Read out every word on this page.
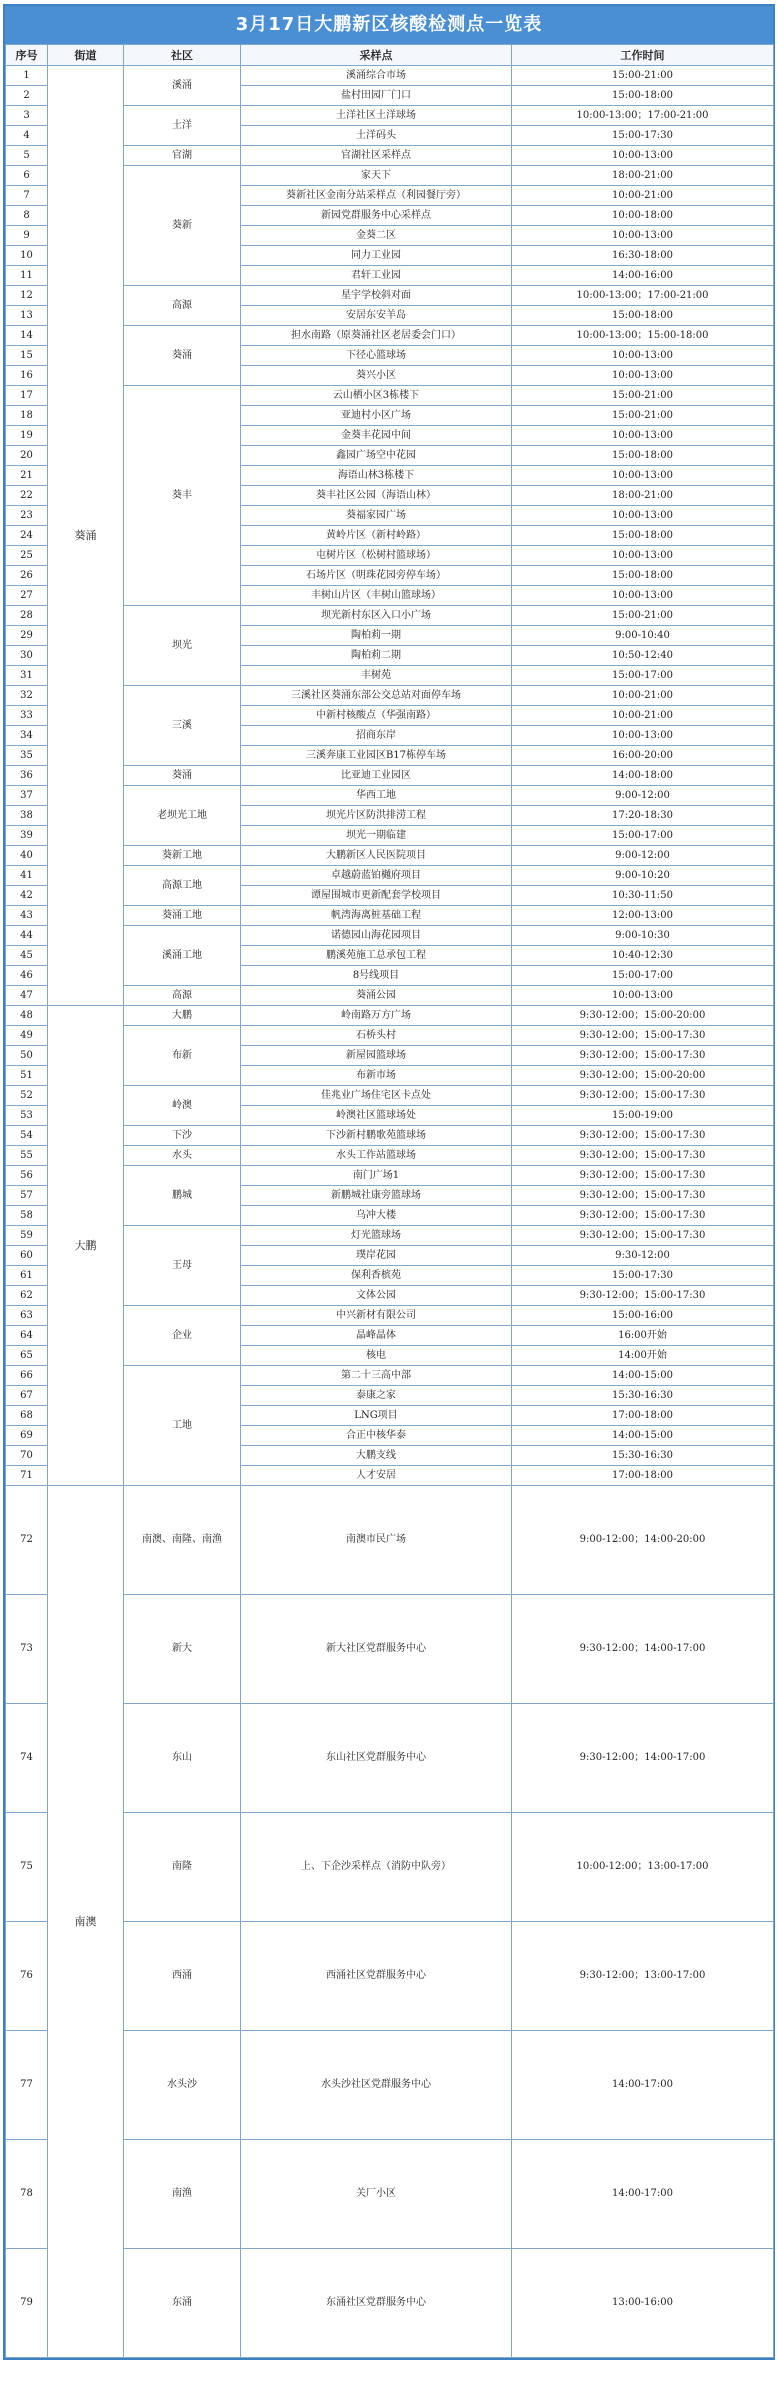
3月17日大鹏新区核酸检测点一览表
序号	街道	社区	采样点	工作时间
1	葵涌	溪涌	溪涌综合市场	15:00-21:00
2			盐村田园厂门口	15:00-18:00
3		土洋	土洋社区土洋球场	10:00-13:00；17:00-21:00
4			土洋码头	15:00-17:30
5		官湖	官湖社区采样点	10:00-13:00
6		葵新	家天下	18:00-21:00
7			葵新社区金南分站采样点（利园餐厅旁）	10:00-21:00
8			新园党群服务中心采样点	10:00-18:00
9			金葵二区	10:00-13:00
10			同力工业园	16:30-18:00
11			君轩工业园	14:00-16:00
12		高源	星宇学校斜对面	10:00-13:00；17:00-21:00
13			安居东安羊岛	15:00-18:00
14		葵涌	担水南路（原葵涌社区老居委会门口）	10:00-13:00；15:00-18:00
15			下径心篮球场	10:00-13:00
16			葵兴小区	10:00-13:00
17		葵丰	云山栖小区3栋楼下	15:00-21:00
18			亚迪村小区广场	15:00-21:00
19			金葵丰花园中间	10:00-13:00
20			鑫园广场空中花园	15:00-18:00
21			海语山林3栋楼下	10:00-13:00
22			葵丰社区公园（海语山林）	18:00-21:00
23			葵福家园广场	10:00-13:00
24			黄岭片区（新村岭路）	15:00-18:00
25			屯树片区（松树村篮球场）	10:00-13:00
26			石场片区（明珠花园旁停车场）	15:00-18:00
27			丰树山片区（丰树山篮球场）	10:00-13:00
28		坝光	坝光新村东区入口小广场	15:00-21:00
29			陶柏莉一期	9:00-10:40
30			陶柏莉二期	10:50-12:40
31			丰树苑	15:00-17:00
32		三溪	三溪社区葵涌东部公交总站对面停车场	10:00-21:00
33			中新村核酸点（华强南路）	10:00-21:00
34			招商东岸	10:00-13:00
35			三溪奔康工业园区B17栋停车场	16:00-20:00
36		葵涌	比亚迪工业园区	14:00-18:00
37		老坝光工地	华西工地	9:00-12:00
38			坝光片区防洪排涝工程	17:20-18:30
39			坝光一期临建	15:00-17:00
40		葵新工地	大鹏新区人民医院项目	9:00-12:00
41		高源工地	卓越蔚蓝铂樾府项目	9:00-10:20
42			谭屋围城市更新配套学校项目	10:30-11:50
43		葵涌工地	帆湾海离桩基础工程	12:00-13:00
44		溪涌工地	诺德园山海花园项目	9:00-10:30
45			鹏溪苑施工总承包工程	10:40-12:30
46			8号线项目	15:00-17:00
47		高源	葵涌公园	10:00-13:00
48	大鹏	大鹏	岭南路万方广场	9:30-12:00；15:00-20:00
49		布新	石桥头村	9:30-12:00；15:00-17:30
50			新屋园篮球场	9:30-12:00；15:00-17:30
51			布新市场	9:30-12:00；15:00-20:00
52		岭澳	佳兆业广场住宅区卡点处	9:30-12:00；15:00-17:30
53			岭澳社区篮球场处	15:00-19:00
54		下沙	下沙新村鹏歌苑篮球场	9:30-12:00；15:00-17:30
55		水头	水头工作站篮球场	9:30-12:00；15:00-17:30
56		鹏城	南门广场1	9:30-12:00；15:00-17:30
57			新鹏城社康旁篮球场	9:30-12:00；15:00-17:30
58			乌冲大楼	9:30-12:00；15:00-17:30
59		王母	灯光篮球场	9:30-12:00；15:00-17:30
60			璞岸花园	9:30-12:00
61			保利香槟苑	15:00-17:30
62			文体公园	9:30-12:00；15:00-17:30
63		企业	中兴新材有限公司	15:00-16:00
64			晶峰晶体	16:00开始
65			核电	14:00开始
66		工地	第二十三高中部	14:00-15:00
67			泰康之家	15:30-16:30
68			LNG项目	17:00-18:00
69			合正中核华泰	14:00-15:00
70			大鹏支线	15:30-16:30
71			人才安居	17:00-18:00
72	南澳	南澳、南隆、南渔	南澳市民广场	9:00-12:00；14:00-20:00
73		新大	新大社区党群服务中心	9:30-12:00；14:00-17:00
74		东山	东山社区党群服务中心	9:30-12:00；14:00-17:00
75		南隆	上、下企沙采样点（消防中队旁）	10:00-12:00；13:00-17:00
76		西涌	西涌社区党群服务中心	9:30-12:00；13:00-17:00
77		水头沙	水头沙社区党群服务中心	14:00-17:00
78		南渔	关厂小区	14:00-17:00
79		东涌	东涌社区党群服务中心	13:00-16:00
